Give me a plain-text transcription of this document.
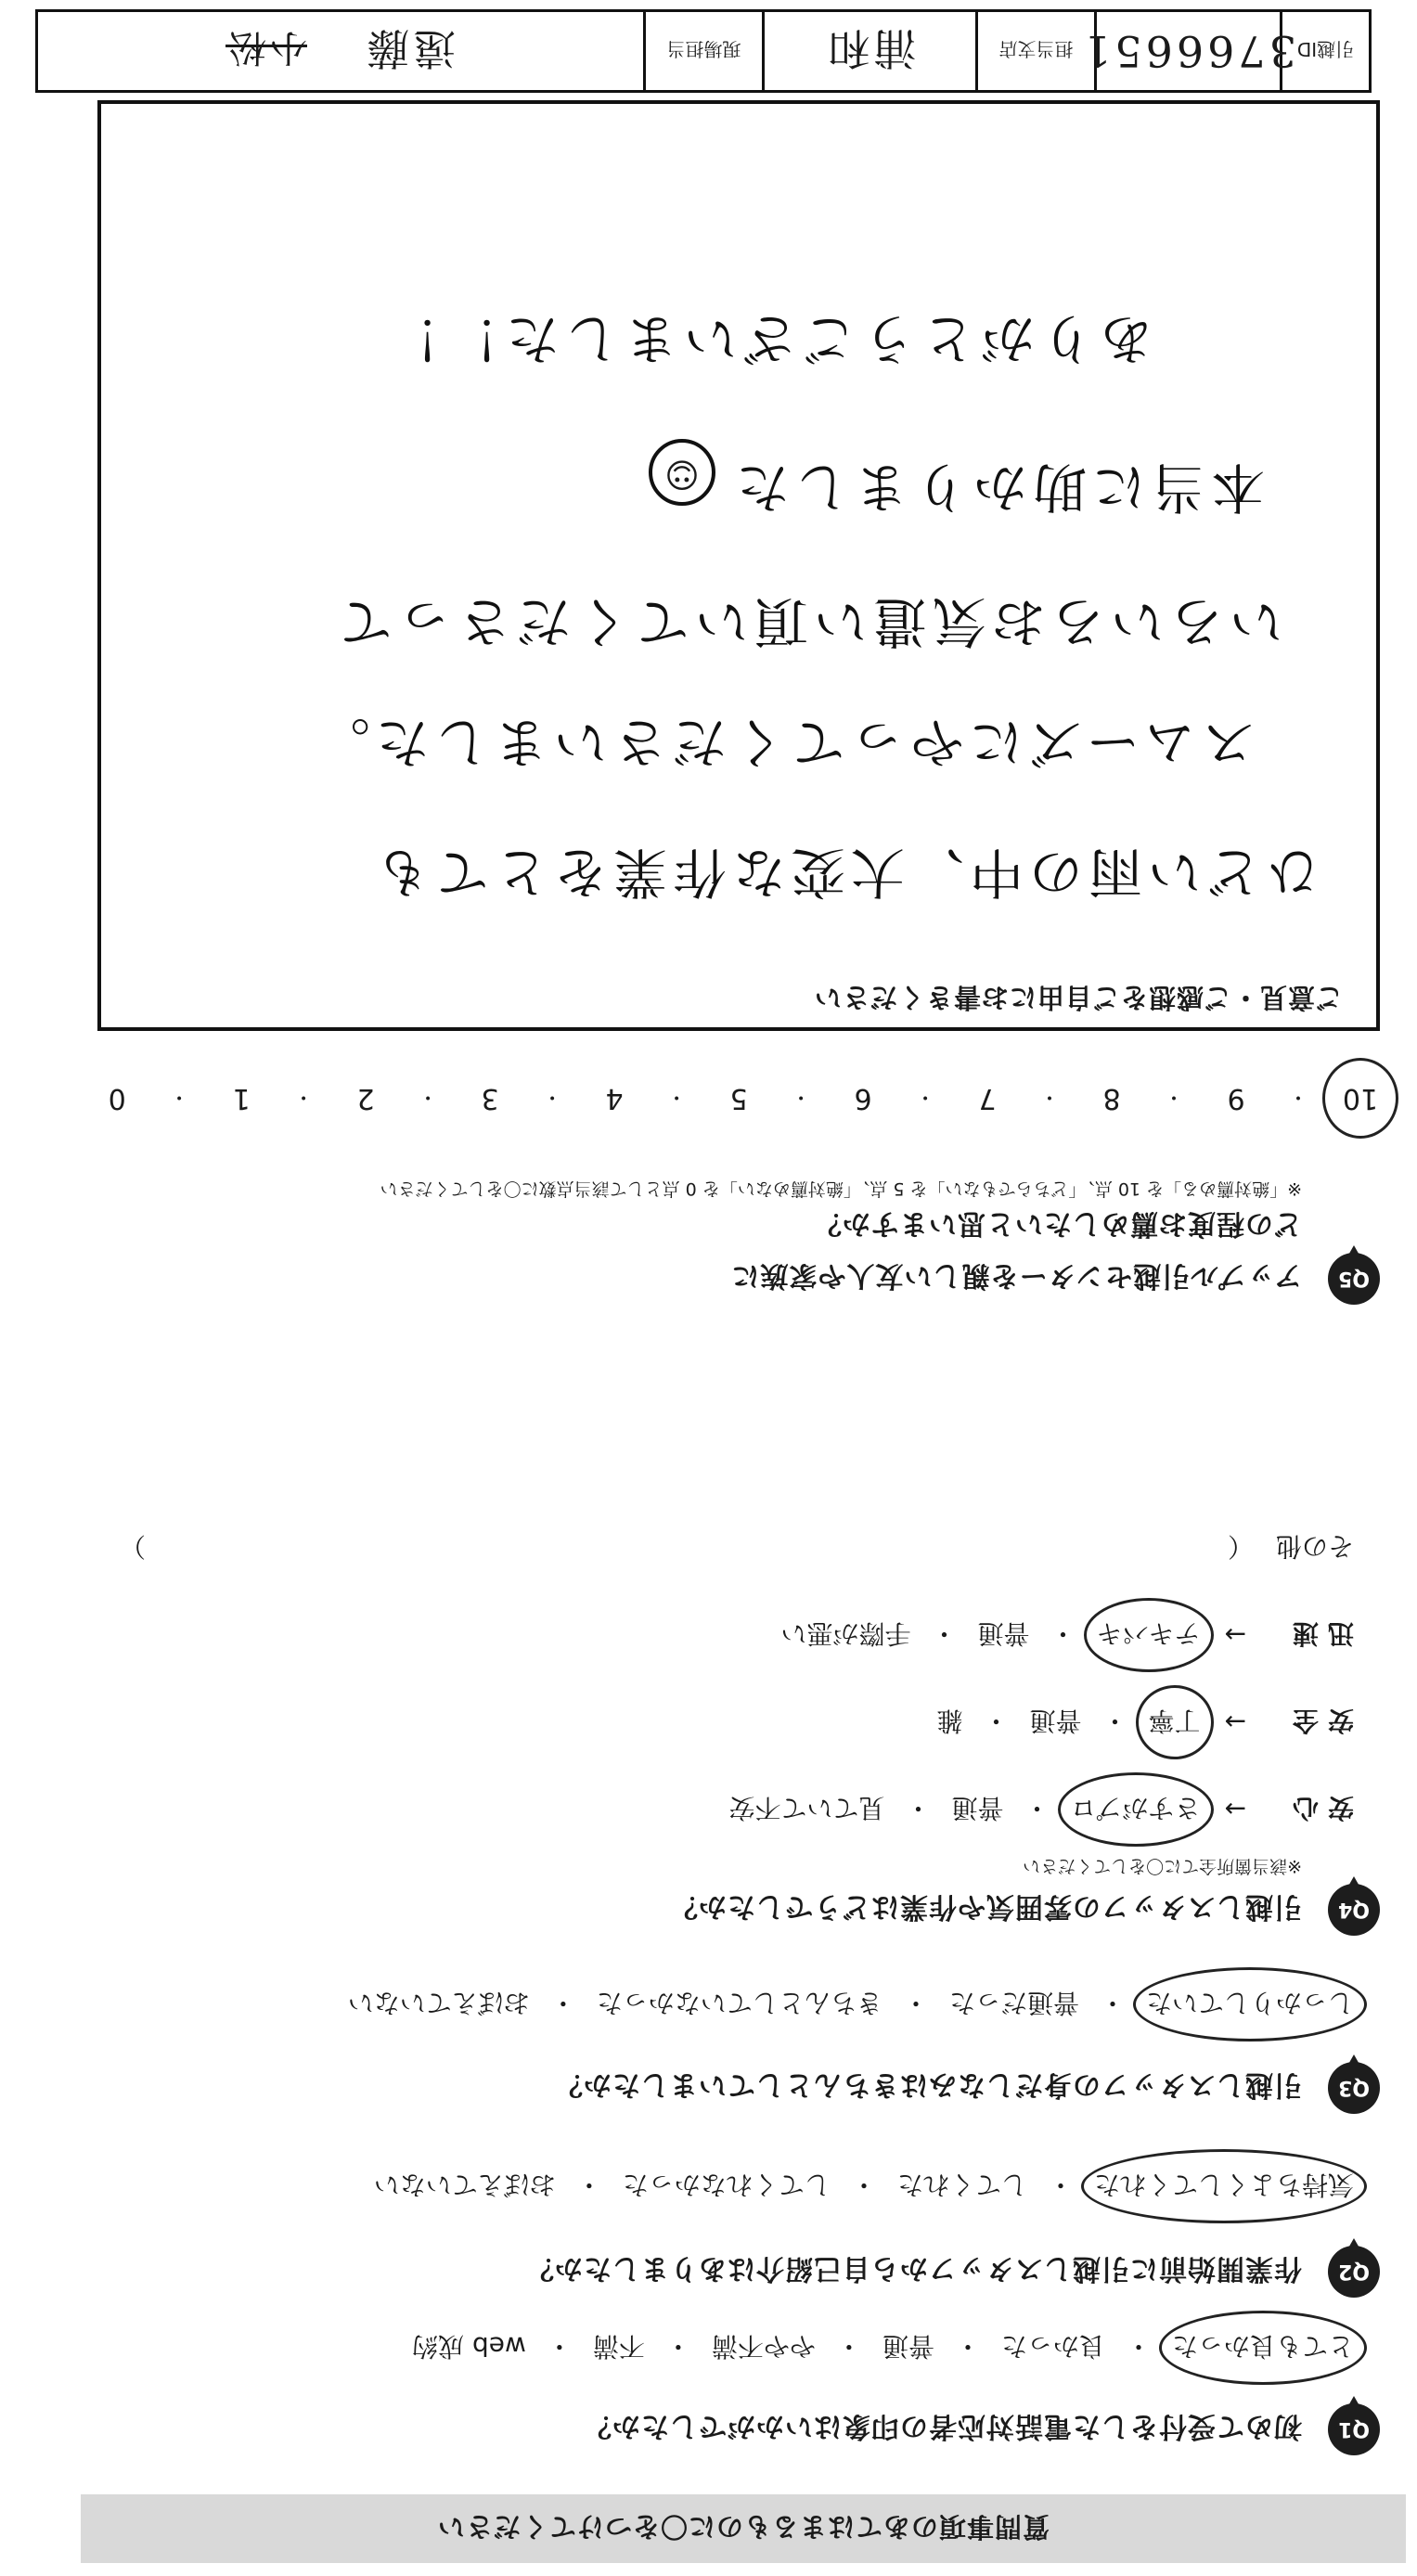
質問事項のあてはまるものに〇をつけてください
Q1
初めて受付をした電話対応者の印象はいかがでしたか？
とても良かった
・
良かった
・
普通
・
やや不満
・
不満
・
web 成約
Q2
作業開始前に引越しスタッフから自己紹介はありましたか？
気持ちよくしてくれた
・
してくれた
・
してくれなかった
・
おぼえていない
Q3
引越しスタッフの身だしなみはきちんとしていましたか？
しっかりしていた
・
普通だった
・
きちんとしていなかった
・
おぼえていない
Q4
引越しスタッフの雰囲気や作業はどうでしたか？
※該当箇所全てに〇をしてください
安心
→
さすがプロ
・
普通
・
見ていて不安
安全
→
丁寧
・
普通
・
雑
迅速
→
テキパキ
・
普通
・
手際が悪い
その他（
）
Q5
アップル引越センターを親しい友人や家族に
どの程度お薦めしたいと思いますか？
※「絶対薦める」を 10 点、「どちらでもない」を 5 点、「絶対薦めない」を 0 点として該当点数に〇をしてください
10
・
9
・
8
・
7
・
6
・
5
・
4
・
3
・
2
・
1
・
0
ご意見・ご感想をご自由にお書きください
ひどい雨の中、大変な作業をとても
スムーズにやってくださいました。
いろいろお気遣い頂いてくださって
本当に助かりました☺
ありがとうございました！！
引越ID
3766651
担当支店
浦和
現場担当
遠藤
小松
